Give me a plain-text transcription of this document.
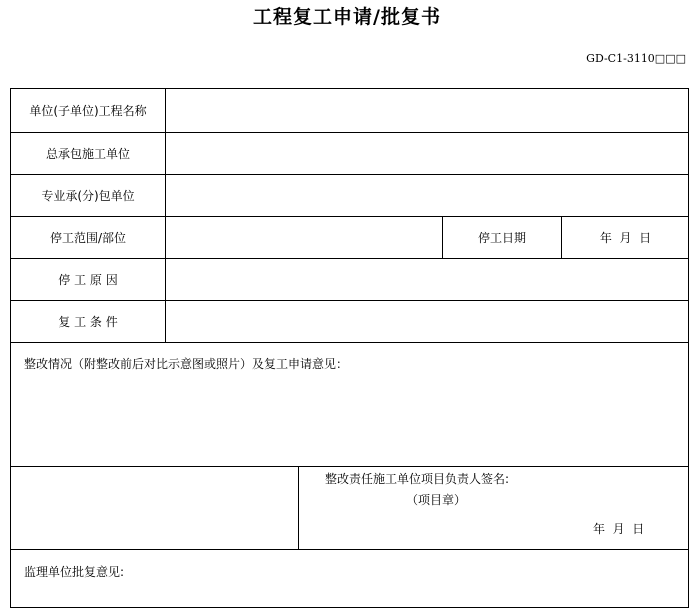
工程复工申请/批复书
GD-C1-3110□□□
单位(子单位)工程名称
总承包施工单位
专业承(分)包单位
停工范围/部位	停工日期	年  月  日
停 工 原 因
复 工 条 件
整改情况（附整改前后对比示意图或照片）及复工申请意见：
整改责任施工单位项目负责人签名:
（项目章）
年  月  日
监理单位批复意见:
